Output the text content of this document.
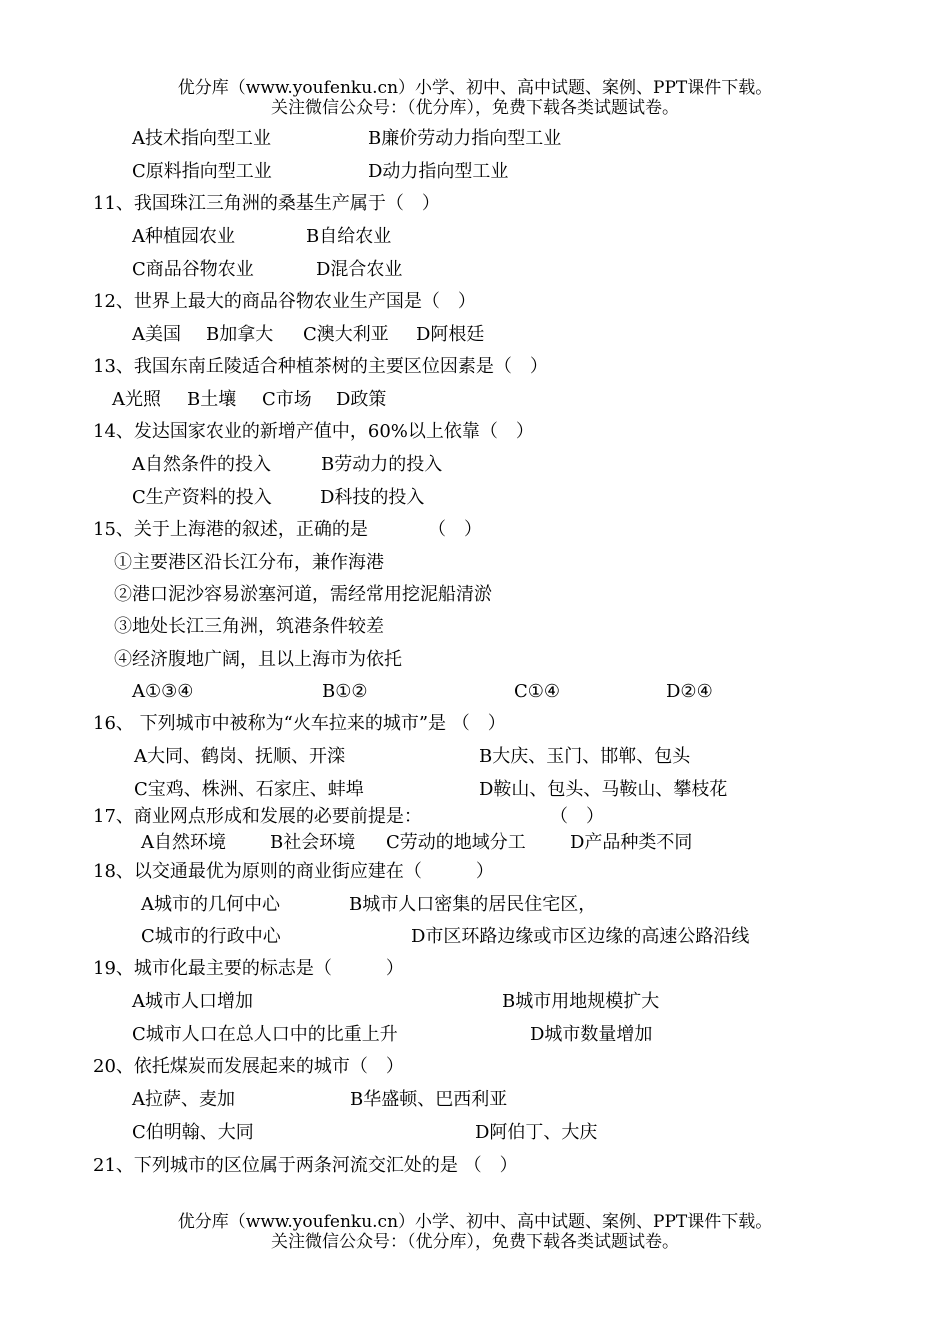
优分库（www.youfenku.cn）小学、初中、高中试题、案例、PPT课件下载。
关注微信公众号：（优分库），免费下载各类试题试卷。
A技术指向型工业	B廉价劳动力指向型工业
C原料指向型工业	D动力指向型工业
11、我国珠江三角洲的桑基生产属于（　）
A种植园农业	B自给农业
C商品谷物农业	D混合农业
12、世界上最大的商品谷物农业生产国是（　）
A美国 B加拿大 C澳大利亚 D阿根廷
13、我国东南丘陵适合种植茶树的主要区位因素是（　）
A光照 B土壤 C市场 D政策
14、发达国家农业的新增产值中，60%以上依靠（　）
A自然条件的投入	B劳动力的投入
C生产资料的投入	D科技的投入
15、关于上海港的叙述，正确的是	（　）
①主要港区沿长江分布，兼作海港
②港口泥沙容易淤塞河道，需经常用挖泥船清淤
③地处长江三角洲，筑港条件较差
④经济腹地广阔，且以上海市为依托
A①③④	B①②	C①④	D②④
16、 下列城市中被称为“火车拉来的城市”是 （　）
A大同、鹤岗、抚顺、开滦	B大庆、玉门、邯郸、包头
C宝鸡、株洲、石家庄、蚌埠	D鞍山、包头、马鞍山、攀枝花
17、商业网点形成和发展的必要前提是：	（　）
A自然环境 B社会环境 C劳动的地域分工 D产品种类不同
18、以交通最优为原则的商业街应建在（　　　）
A城市的几何中心	B城市人口密集的居民住宅区，
C城市的行政中心	D市区环路边缘或市区边缘的高速公路沿线
19、城市化最主要的标志是（　　　）
A城市人口增加	B城市用地规模扩大
C城市人口在总人口中的比重上升	D城市数量增加
20、依托煤炭而发展起来的城市（　）
A拉萨、麦加	B华盛顿、巴西利亚
C伯明翰、大同	D阿伯丁、大庆
21、下列城市的区位属于两条河流交汇处的是 （　）
优分库（www.youfenku.cn）小学、初中、高中试题、案例、PPT课件下载。
关注微信公众号：（优分库），免费下载各类试题试卷。
